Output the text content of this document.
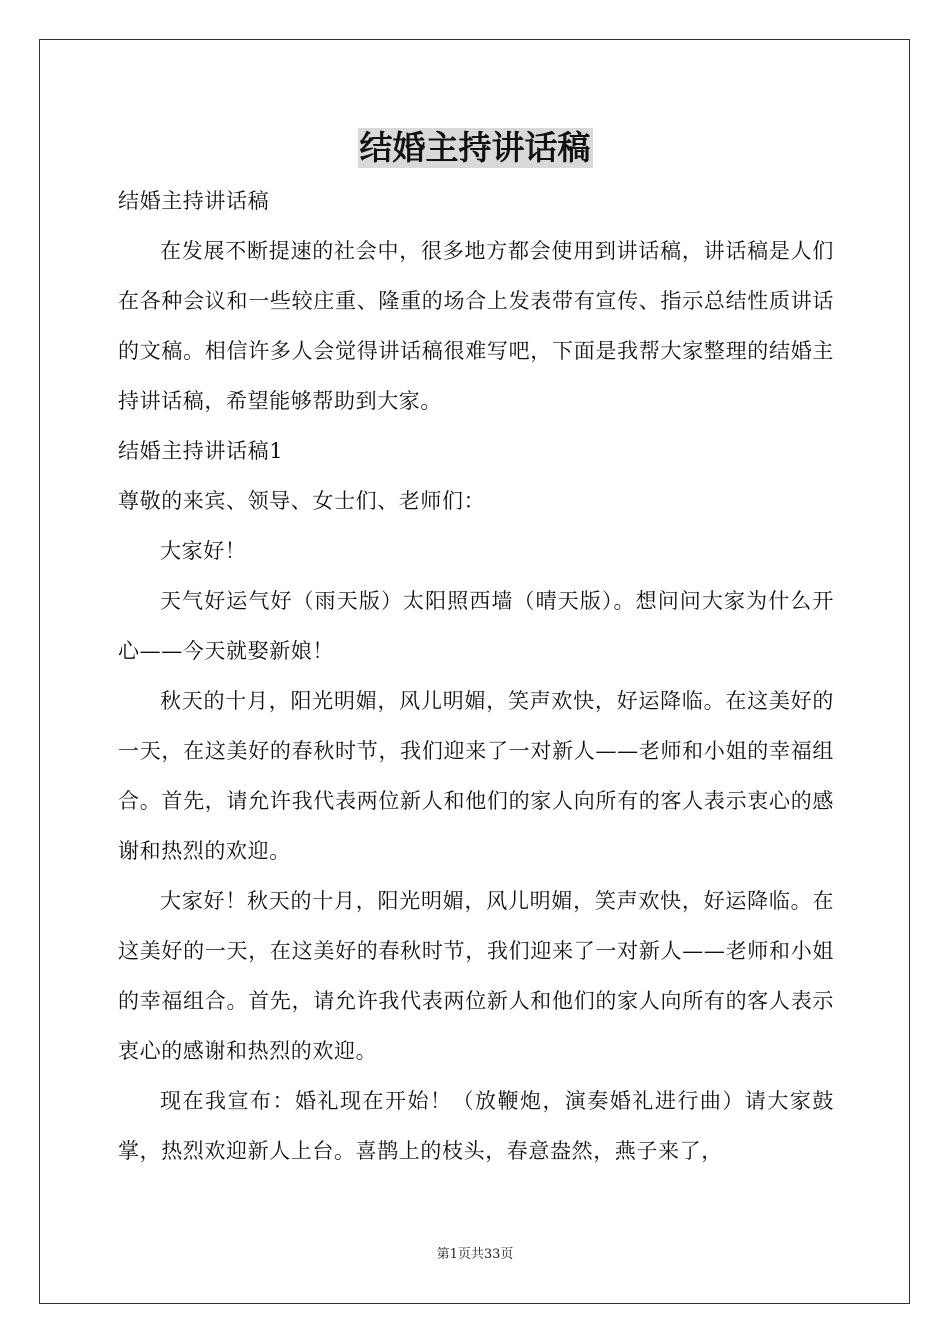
结婚主持讲话稿

结婚主持讲话稿

在发展不断提速的社会中，很多地方都会使用到讲话稿，讲话稿是人们在各种会议和一些较庄重、隆重的场合上发表带有宣传、指示总结性质讲话的文稿。相信许多人会觉得讲话稿很难写吧，下面是我帮大家整理的结婚主持讲话稿，希望能够帮助到大家。

结婚主持讲话稿1

尊敬的来宾、领导、女士们、老师们：

大家好！

天气好运气好（雨天版）太阳照西墙（晴天版）。想问问大家为什么开心——今天就娶新娘！

秋天的十月，阳光明媚，风儿明媚，笑声欢快，好运降临。在这美好的一天，在这美好的春秋时节，我们迎来了一对新人——老师和小姐的幸福组合。首先，请允许我代表两位新人和他们的家人向所有的客人表示衷心的感谢和热烈的欢迎。

大家好！秋天的十月，阳光明媚，风儿明媚，笑声欢快，好运降临。在这美好的一天，在这美好的春秋时节，我们迎来了一对新人——老师和小姐的幸福组合。首先，请允许我代表两位新人和他们的家人向所有的客人表示衷心的感谢和热烈的欢迎。

现在我宣布：婚礼现在开始！（放鞭炮，演奏婚礼进行曲）请大家鼓掌，热烈欢迎新人上台。喜鹊上的枝头，春意盎然，燕子来了，

第1页共33页
